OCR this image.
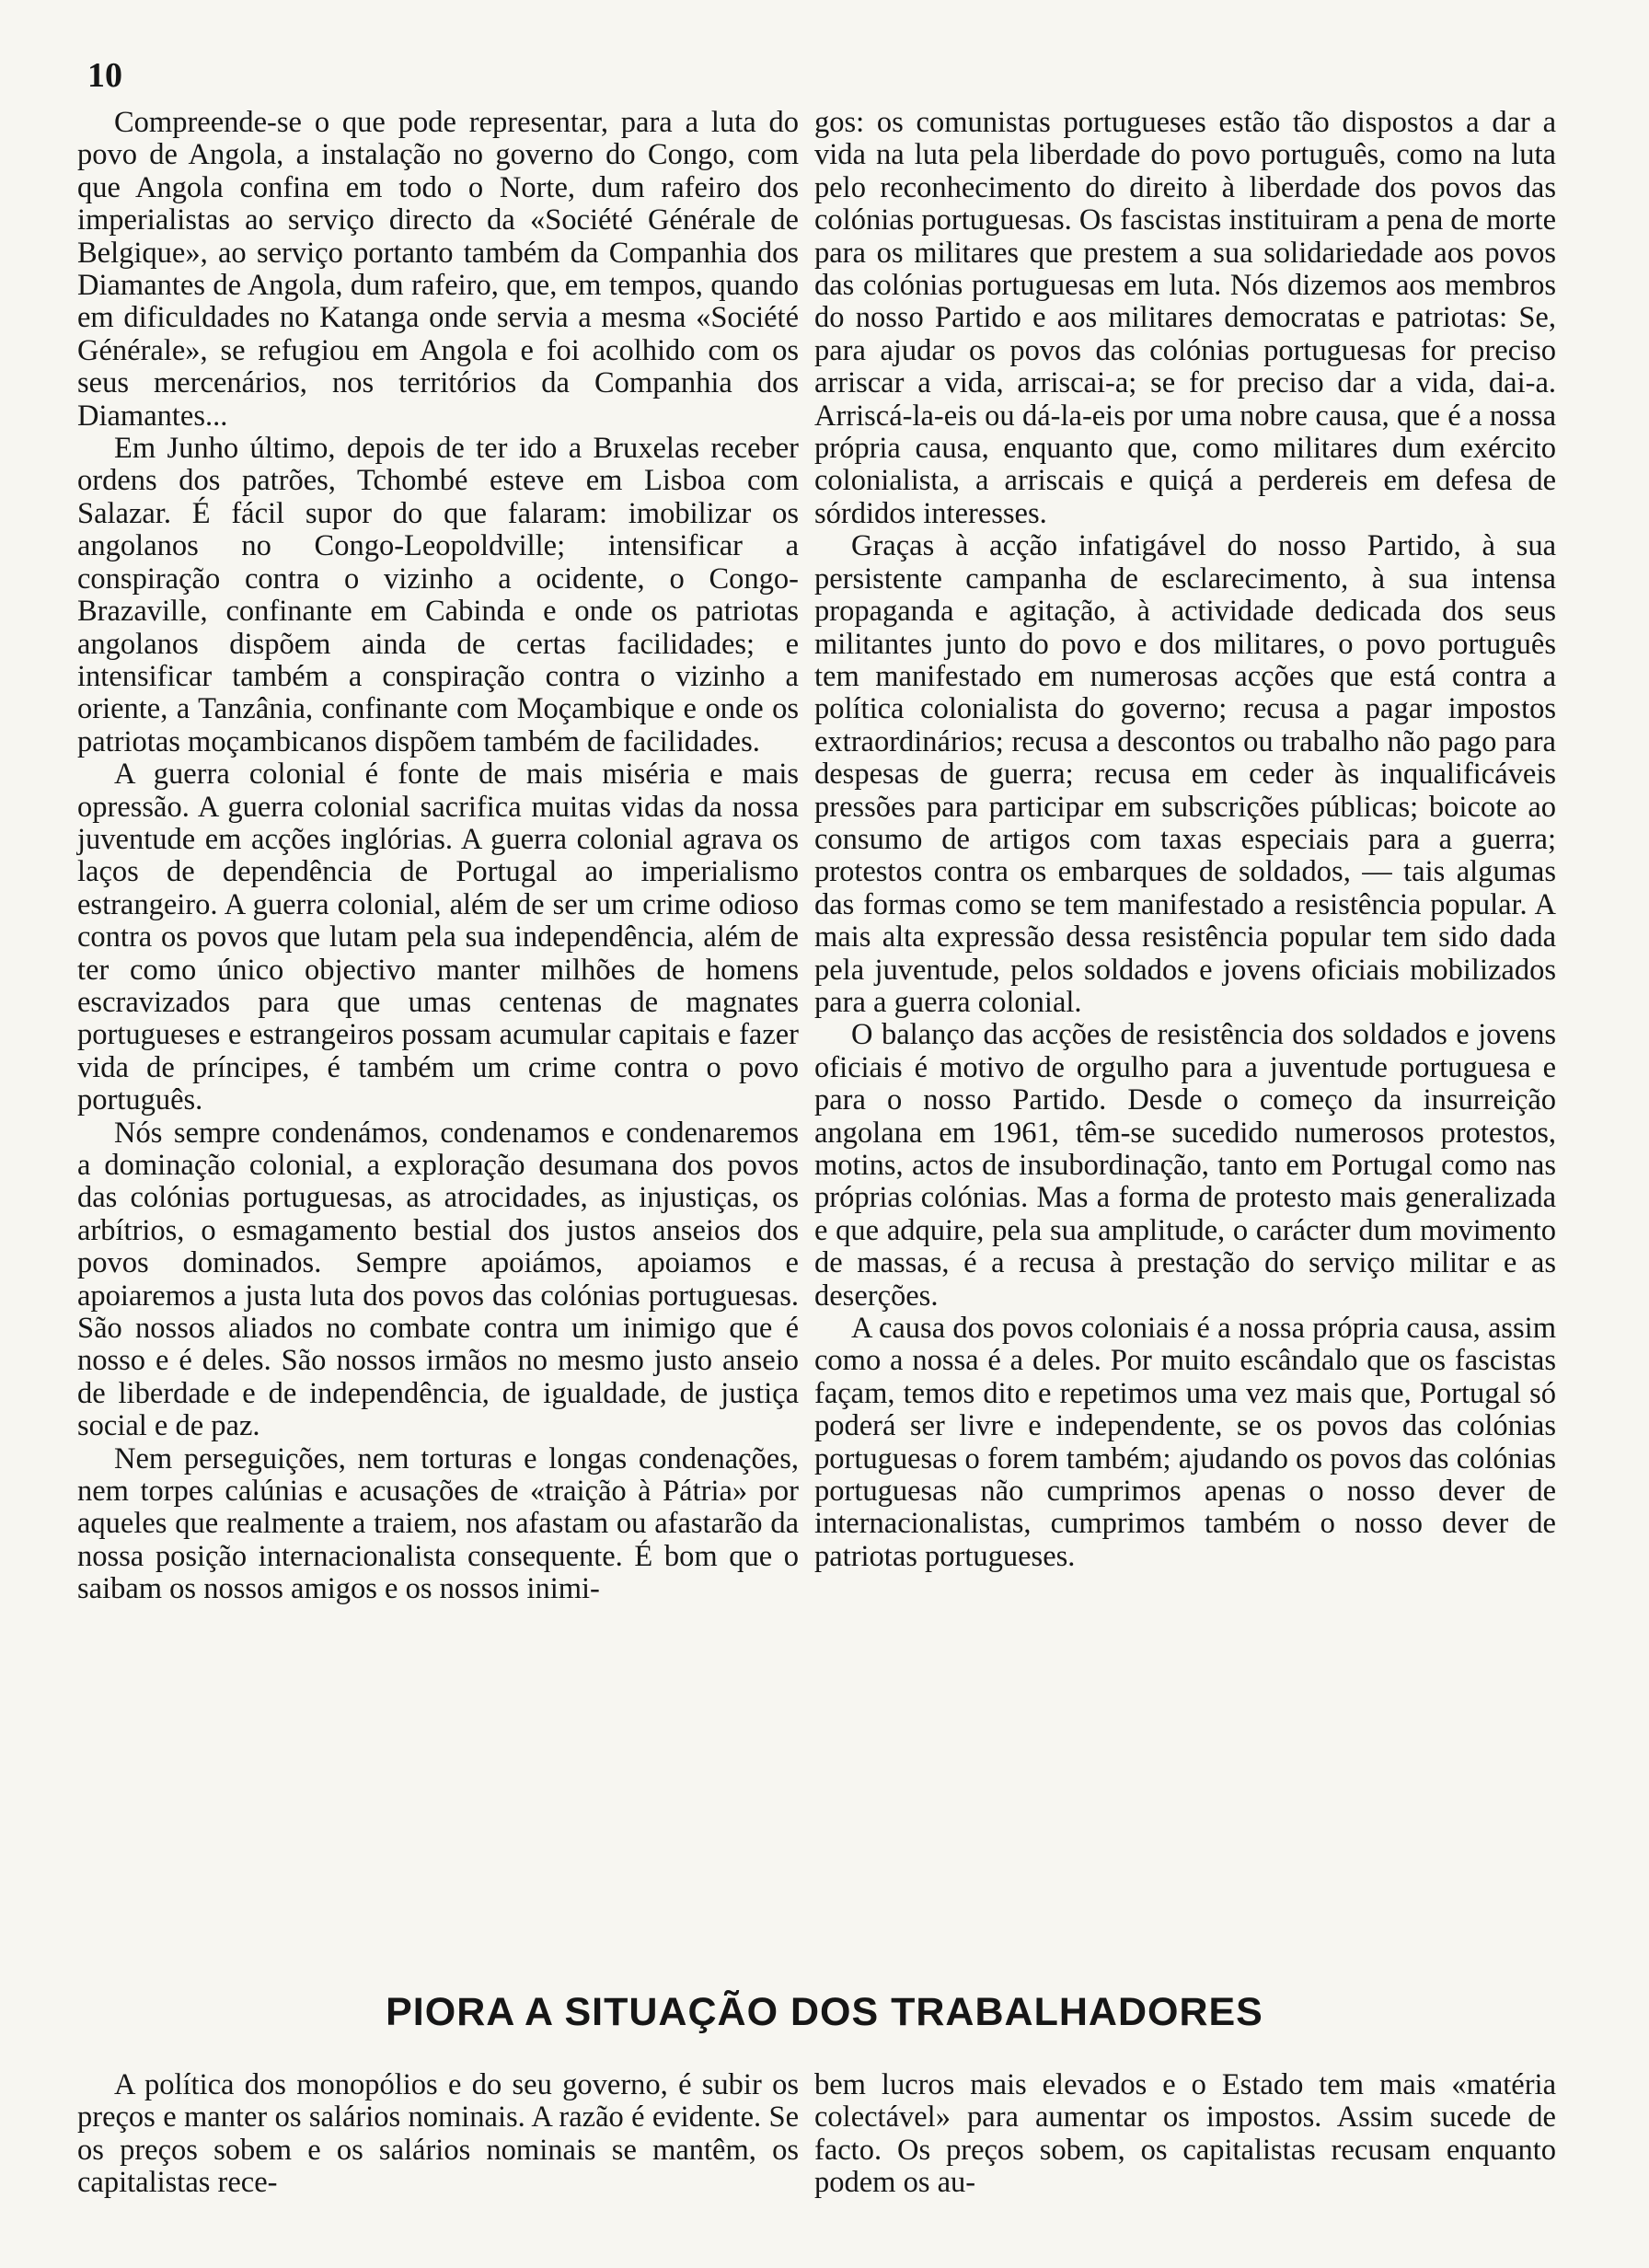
10

Compreende-se o que pode representar, para a luta do povo de Angola, a instalação no governo do Congo, com que Angola confina em todo o Norte, dum rafeiro dos imperialistas ao serviço directo da «Société Générale de Belgique», ao serviço portanto também da Companhia dos Diamantes de Angola, dum rafeiro, que, em tempos, quando em dificuldades no Katanga onde servia a mesma «Société Générale», se refugiou em Angola e foi acolhido com os seus mercenários, nos territórios da Companhia dos Diamantes...

Em Junho último, depois de ter ido a Bruxelas receber ordens dos patrões, Tchombé esteve em Lisboa com Salazar. É fácil supor do que falaram: imobilizar os angolanos no Congo-Leopoldville; intensificar a conspiração contra o vizinho a ocidente, o Congo-Brazaville, confinante em Cabinda e onde os patriotas angolanos dispõem ainda de certas facilidades; e intensificar também a conspiração contra o vizinho a oriente, a Tanzânia, confinante com Moçambique e onde os patriotas moçambicanos dispõem também de facilidades.

A guerra colonial é fonte de mais miséria e mais opressão. A guerra colonial sacrifica muitas vidas da nossa juventude em acções inglórias. A guerra colonial agrava os laços de dependência de Portugal ao imperialismo estrangeiro. A guerra colonial, além de ser um crime odioso contra os povos que lutam pela sua independência, além de ter como único objectivo manter milhões de homens escravizados para que umas centenas de magnates portugueses e estrangeiros possam acumular capitais e fazer vida de príncipes, é também um crime contra o povo português.

Nós sempre condenámos, condenamos e condenaremos a dominação colonial, a exploração desumana dos povos das colónias portuguesas, as atrocidades, as injustiças, os arbítrios, o esmagamento bestial dos justos anseios dos povos dominados. Sempre apoiámos, apoiamos e apoiaremos a justa luta dos povos das colónias portuguesas. São nossos aliados no combate contra um inimigo que é nosso e é deles. São nossos irmãos no mesmo justo anseio de liberdade e de independência, de igualdade, de justiça social e de paz.

Nem perseguições, nem torturas e longas condenações, nem torpes calúnias e acusações de «traição à Pátria» por aqueles que realmente a traiem, nos afastam ou afastarão da nossa posição internacionalista consequente. É bom que o saibam os nossos amigos e os nossos inimi-

gos: os comunistas portugueses estão tão dispostos a dar a vida na luta pela liberdade do povo português, como na luta pelo reconhecimento do direito à liberdade dos povos das colónias portuguesas. Os fascistas instituiram a pena de morte para os militares que prestem a sua solidariedade aos povos das colónias portuguesas em luta. Nós dizemos aos membros do nosso Partido e aos militares democratas e patriotas: Se, para ajudar os povos das colónias portuguesas for preciso arriscar a vida, arriscai-a; se for preciso dar a vida, dai-a. Arriscá-la-eis ou dá-la-eis por uma nobre causa, que é a nossa própria causa, enquanto que, como militares dum exército colonialista, a arriscais e quiçá a perdereis em defesa de sórdidos interesses.

Graças à acção infatigável do nosso Partido, à sua persistente campanha de esclarecimento, à sua intensa propaganda e agitação, à actividade dedicada dos seus militantes junto do povo e dos militares, o povo português tem manifestado em numerosas acções que está contra a política colonialista do governo; recusa a pagar impostos extraordinários; recusa a descontos ou trabalho não pago para despesas de guerra; recusa em ceder às inqualificáveis pressões para participar em subscrições públicas; boicote ao consumo de artigos com taxas especiais para a guerra; protestos contra os embarques de soldados, — tais algumas das formas como se tem manifestado a resistência popular. A mais alta expressão dessa resistência popular tem sido dada pela juventude, pelos soldados e jovens oficiais mobilizados para a guerra colonial.

O balanço das acções de resistência dos soldados e jovens oficiais é motivo de orgulho para a juventude portuguesa e para o nosso Partido. Desde o começo da insurreição angolana em 1961, têm-se sucedido numerosos protestos, motins, actos de insubordinação, tanto em Portugal como nas próprias colónias. Mas a forma de protesto mais generalizada e que adquire, pela sua amplitude, o carácter dum movimento de massas, é a recusa à prestação do serviço militar e as deserções.

A causa dos povos coloniais é a nossa própria causa, assim como a nossa é a deles. Por muito escândalo que os fascistas façam, temos dito e repetimos uma vez mais que, Portugal só poderá ser livre e independente, se os povos das colónias portuguesas o forem também; ajudando os povos das colónias portuguesas não cumprimos apenas o nosso dever de internacionalistas, cumprimos também o nosso dever de patriotas portugueses.

PIORA A SITUAÇÃO DOS TRABALHADORES

A política dos monopólios e do seu governo, é subir os preços e manter os salários nominais. A razão é evidente. Se os preços sobem e os salários nominais se mantêm, os capitalistas rece-

bem lucros mais elevados e o Estado tem mais «matéria colectável» para aumentar os impostos. Assim sucede de facto. Os preços sobem, os capitalistas recusam enquanto podem os au-
